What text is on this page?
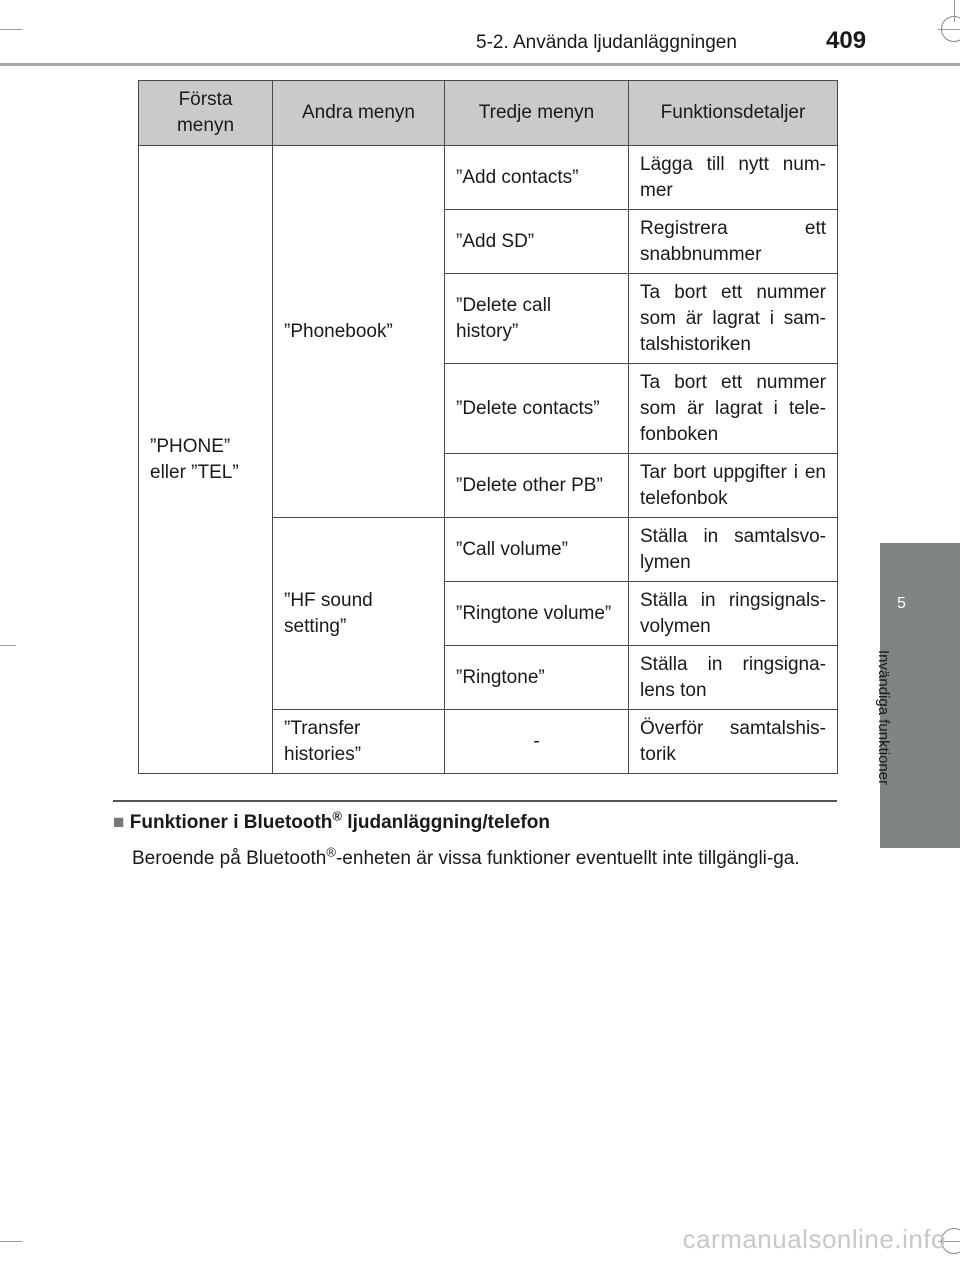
5-2. Använda ljudanläggningen	409
5
Invändiga funktioner
Första menyn	Andra menyn	Tredje menyn	Funktionsdetaljer
”PHONE” eller ”TEL”	”Phonebook”	”Add contacts”	Lägga till nytt num-mer
		”Add SD”	Registrera ett snabbnummer
		”Delete call history”	Ta bort ett nummer som är lagrat i sam-talshistoriken
		”Delete contacts”	Ta bort ett nummer som är lagrat i tele-fonboken
		”Delete other PB”	Tar bort uppgifter i en telefonbok
	”HF sound setting”	”Call volume”	Ställa in samtalsvo-lymen
		”Ringtone volume”	Ställa in ringsignals-volymen
		”Ringtone”	Ställa in ringsigna-lens ton
	”Transfer histories”	-	Överför samtalshis-torik
■ Funktioner i Bluetooth® ljudanläggning/telefon
Beroende på Bluetooth®-enheten är vissa funktioner eventuellt inte tillgängli-ga.
carmanualsonline.info
